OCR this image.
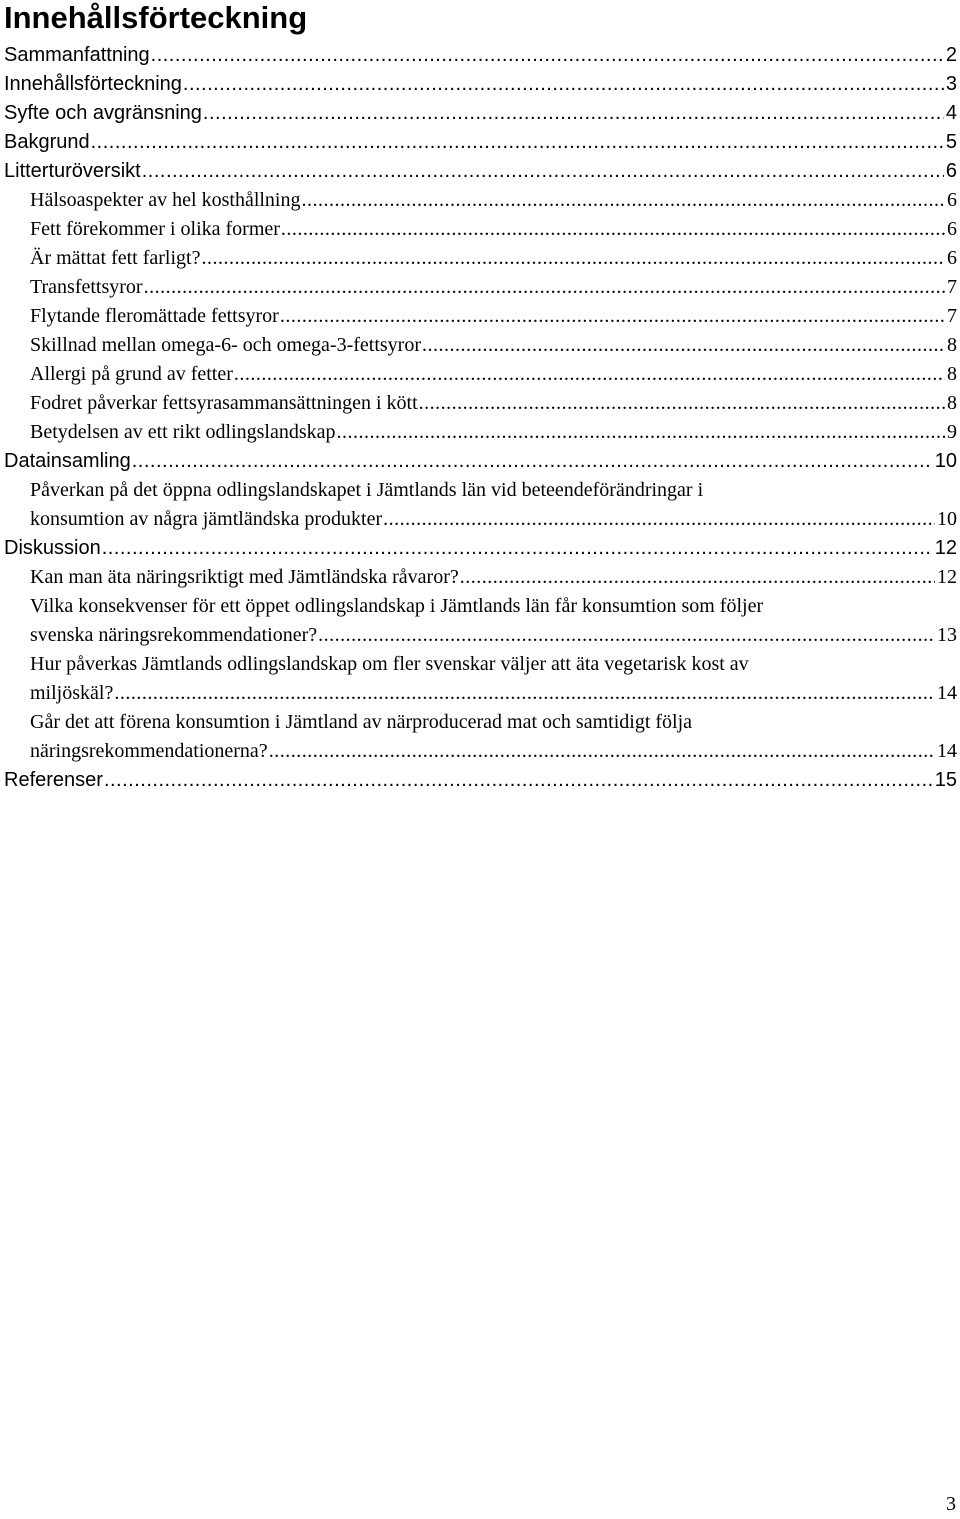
Innehållsförteckning
Sammanfattning .....	2
Innehållsförteckning .....	3
Syfte och avgränsning .....	4
Bakgrund .....	5
Litterturöversikt .....	6
Hälsoaspekter av hel kosthållning .....	6
Fett förekommer i olika former .....	6
Är mättat fett farligt? .....	6
Transfettsyror .....	7
Flytande fleromättade fettsyror .....	7
Skillnad mellan omega-6- och omega-3-fettsyror .....	8
Allergi på grund av fetter .....	8
Fodret påverkar fettsyrasammansättningen i kött .....	8
Betydelsen av ett rikt odlingslandskap .....	9
Datainsamling .....	10
Påverkan på det öppna odlingslandskapet i Jämtlands län vid beteendeförändringar i
konsumtion av några jämtländska produkter .....	10
Diskussion .....	12
Kan man äta näringsriktigt med Jämtländska råvaror? .....	12
Vilka konsekvenser för ett öppet odlingslandskap i Jämtlands län får konsumtion som följer
svenska näringsrekommendationer? .....	13
Hur påverkas Jämtlands odlingslandskap om fler svenskar väljer att äta vegetarisk kost av
miljöskäl? .....	14
Går det att förena konsumtion i Jämtland av närproducerad mat och samtidigt följa
näringsrekommendationerna? .....	14
Referenser .....	15
3
